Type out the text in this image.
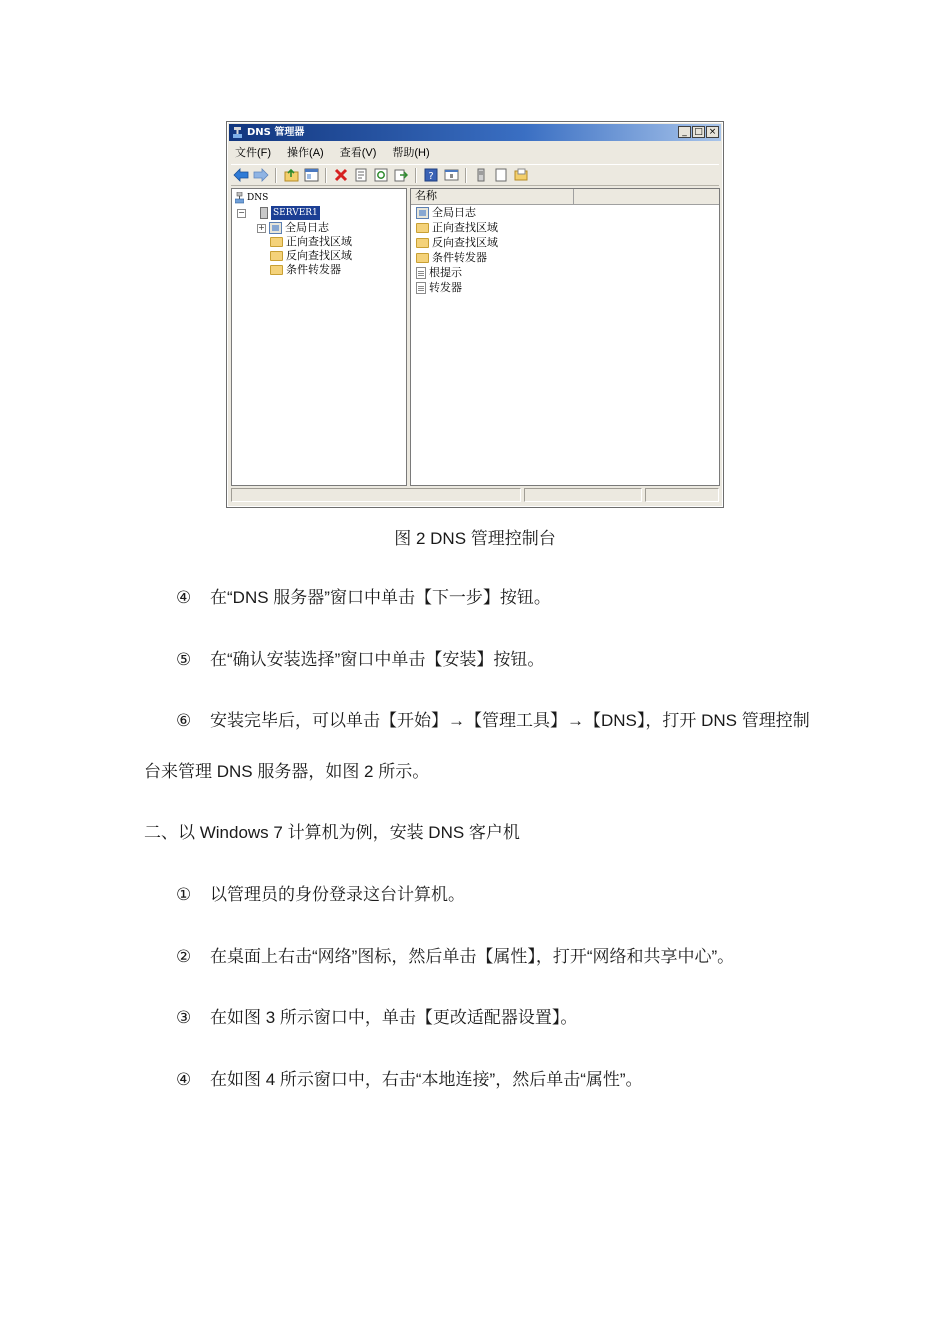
DNS 管理器	_ □ ×
文件(F) 操作(A) 查看(V) 帮助(H)
?
DNS
−	SERVER1
+ 全局日志
正向查找区域
反向查找区域
条件转发器
名称
全局日志
正向查找区域
反向查找区域
条件转发器
根提示
转发器
图 2 DNS 管理控制台
④ 在“DNS 服务器”窗口中单击【下一步】按钮。
⑤ 在“确认安装选择”窗口中单击【安装】按钮。
⑥ 安装完毕后，可以单击【开始】→【管理工具】→【DNS】，打开 DNS 管理控制
台来管理 DNS 服务器，如图 2 所示。
二、以 Windows 7 计算机为例，安装 DNS 客户机
① 以管理员的身份登录这台计算机。
② 在桌面上右击“网络”图标，然后单击【属性】，打开“网络和共享中心”。
③ 在如图 3 所示窗口中，单击【更改适配器设置】。
④ 在如图 4 所示窗口中，右击“本地连接”，然后单击“属性”。
